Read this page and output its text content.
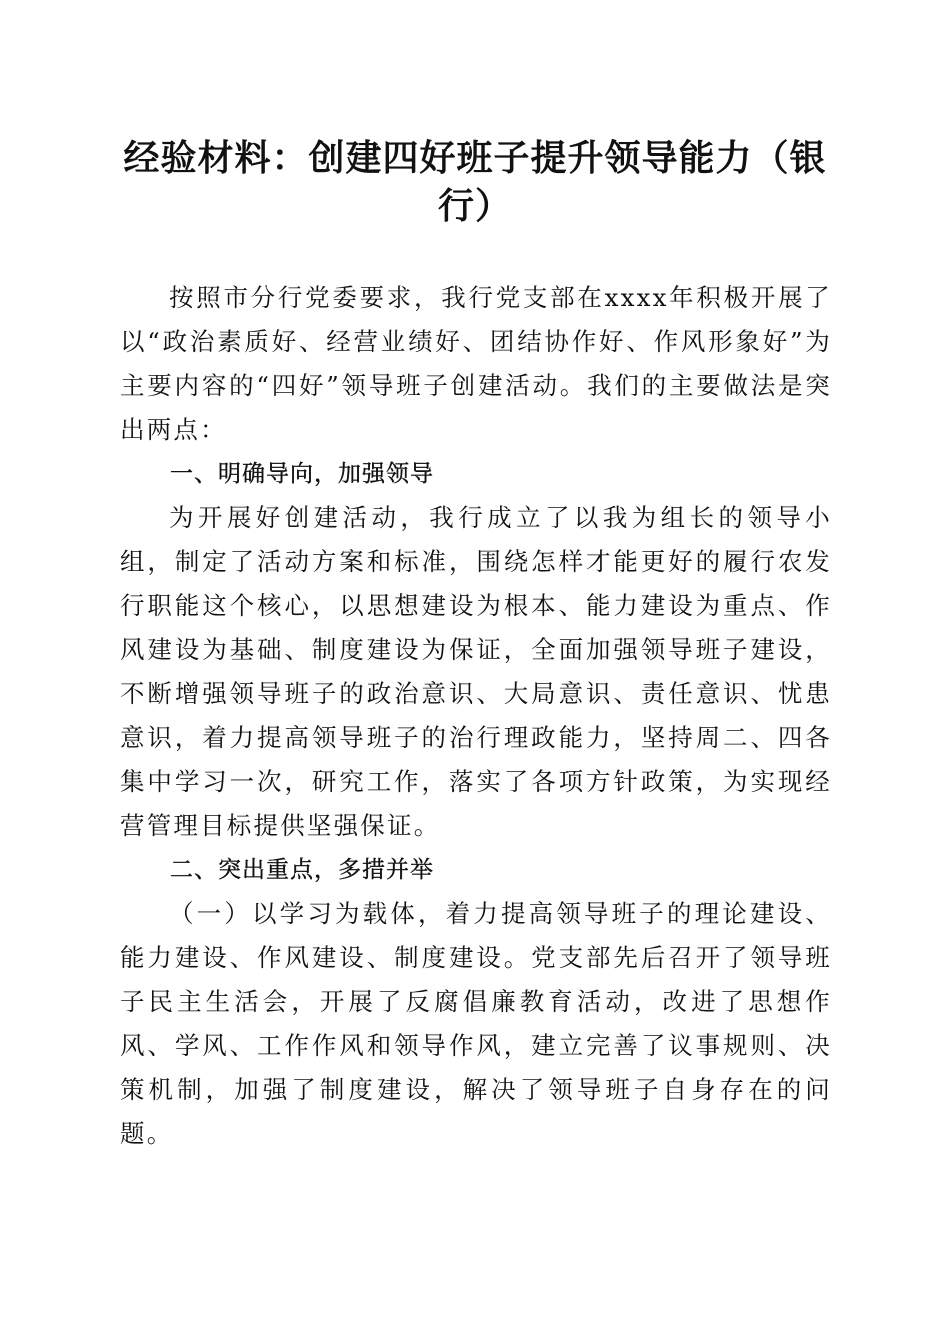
经验材料：创建四好班子提升领导能力（银行）

按照市分行党委要求，我行党支部在xxxx年积极开展了以“政治素质好、经营业绩好、团结协作好、作风形象好”为主要内容的“四好”领导班子创建活动。我们的主要做法是突出两点：

一、明确导向，加强领导

为开展好创建活动，我行成立了以我为组长的领导小组，制定了活动方案和标准，围绕怎样才能更好的履行农发行职能这个核心，以思想建设为根本、能力建设为重点、作风建设为基础、制度建设为保证，全面加强领导班子建设，不断增强领导班子的政治意识、大局意识、责任意识、忧患意识，着力提高领导班子的治行理政能力，坚持周二、四各集中学习一次，研究工作，落实了各项方针政策，为实现经营管理目标提供坚强保证。

二、突出重点，多措并举

（一）以学习为载体，着力提高领导班子的理论建设、能力建设、作风建设、制度建设。党支部先后召开了领导班子民主生活会，开展了反腐倡廉教育活动，改进了思想作风、学风、工作作风和领导作风，建立完善了议事规则、决策机制，加强了制度建设，解决了领导班子自身存在的问题。
